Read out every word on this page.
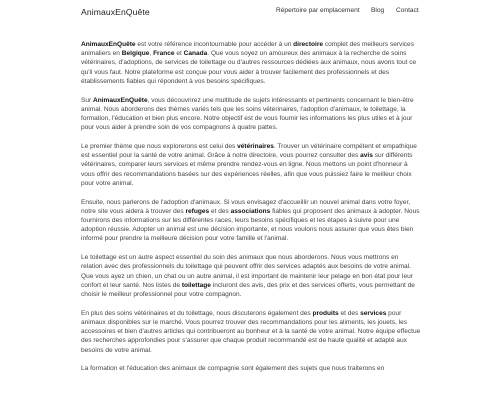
AnimauxEnQuête	Répertoire par emplacement Blog Contact

AnimauxEnQuête est votre référence incontournable pour accéder à un directoire complet des meilleurs services animaliers en Belgique, France et Canada. Que vous soyez un amoureux des animaux à la recherche de soins vétérinaires, d'adoptions, de services de toilettage ou d'autres ressources dédiées aux animaux, nous avons tout ce qu'il vous faut. Notre plateforme est conçue pour vous aider à trouver facilement des professionnels et des établissements fiables qui répondent à vos besoins spécifiques.

Sur AnimauxEnQuête, vous découvrirez une multitude de sujets intéressants et pertinents concernant le bien-être animal. Nous aborderons des thèmes variés tels que les soins vétérinaires, l'adoption d'animaux, le toilettage, la formation, l'éducation et bien plus encore. Notre objectif est de vous fournir les informations les plus utiles et à jour pour vous aider à prendre soin de vos compagnons à quatre pattes.

Le premier thème que nous explorerons est celui des vétérinaires. Trouver un vétérinaire compétent et empathique est essentiel pour la santé de votre animal. Grâce à notre directoire, vous pourrez consulter des avis sur différents vétérinaires, comparer leurs services et même prendre rendez-vous en ligne. Nous mettons un point d'honneur à vous offrir des recommandations basées sur des expériences réelles, afin que vous puissiez faire le meilleur choix pour votre animal.

Ensuite, nous parlerons de l'adoption d'animaux. Si vous envisagez d'accueillir un nouvel animal dans votre foyer, notre site vous aidera à trouver des refuges et des associations fiables qui proposent des animaux à adopter. Nous fournirons des informations sur les différentes races, leurs besoins spécifiques et les étapes à suivre pour une adoption réussie. Adopter un animal est une décision importante, et nous voulons nous assurer que vous êtes bien informé pour prendre la meilleure décision pour votre famille et l'animal.

Le toilettage est un autre aspect essentiel du soin des animaux que nous aborderons. Nous vous mettrons en relation avec des professionnels du toilettage qui peuvent offrir des services adaptés aux besoins de votre animal. Que vous ayez un chien, un chat ou un autre animal, il est important de maintenir leur pelage en bon état pour leur confort et leur santé. Nos listes de toilettage incluront des avis, des prix et des services offerts, vous permettant de choisir le meilleur professionnel pour votre compagnon.

En plus des soins vétérinaires et du toilettage, nous discuterons également des produits et des services pour animaux disponibles sur le marché. Vous pourrez trouver des recommandations pour les aliments, les jouets, les accessoires et bien d'autres articles qui contribueront au bonheur et à la santé de votre animal. Notre équipe effectue des recherches approfondies pour s'assurer que chaque produit recommandé est de haute qualité et adapté aux besoins de votre animal.

La formation et l'éducation des animaux de compagnie sont également des sujets que nous traiterons en
